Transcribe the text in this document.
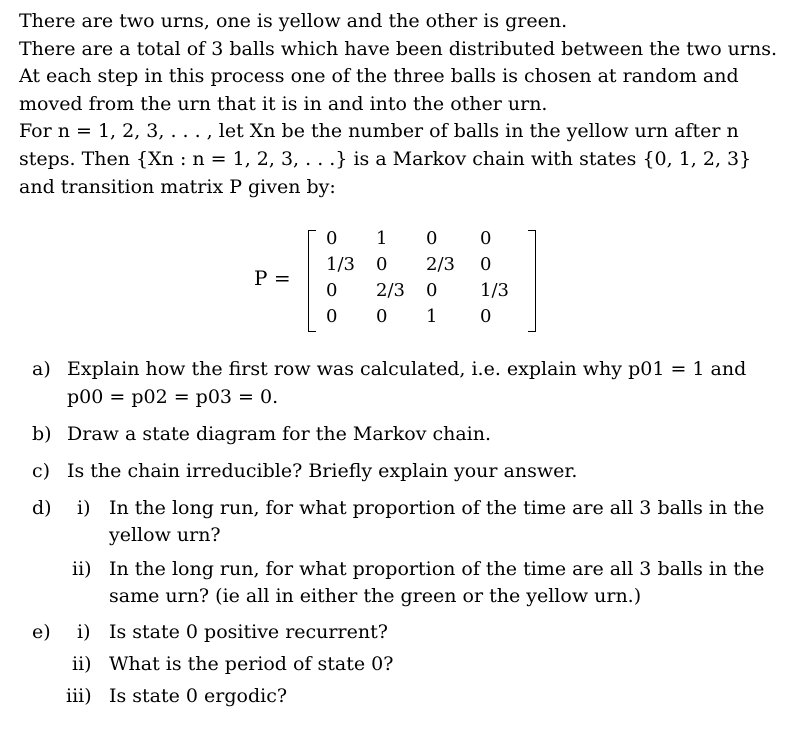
There are two urns, one is yellow and the other is green.
There are a total of 3 balls which have been distributed between the two urns.
At each step in this process one of the three balls is chosen at random and
moved from the urn that it is in and into the other urn.
For n = 1, 2, 3, . . . , let Xn be the number of balls in the yellow urn after n
steps. Then {Xn : n = 1, 2, 3, . . .} is a Markov chain with states {0, 1, 2, 3}
and transition matrix P given by:
P =
0 1 0 0
1/3 0 2/3 0
0 2/3 0 1/3
0 0 1 0
a) Explain how the first row was calculated, i.e. explain why p01 = 1 and
p00 = p02 = p03 = 0.
b) Draw a state diagram for the Markov chain.
c) Is the chain irreducible? Briefly explain your answer.
d) i) In the long run, for what proportion of the time are all 3 balls in the
yellow urn?
ii) In the long run, for what proportion of the time are all 3 balls in the
same urn? (ie all in either the green or the yellow urn.)
e) i) Is state 0 positive recurrent?
ii) What is the period of state 0?
iii) Is state 0 ergodic?
